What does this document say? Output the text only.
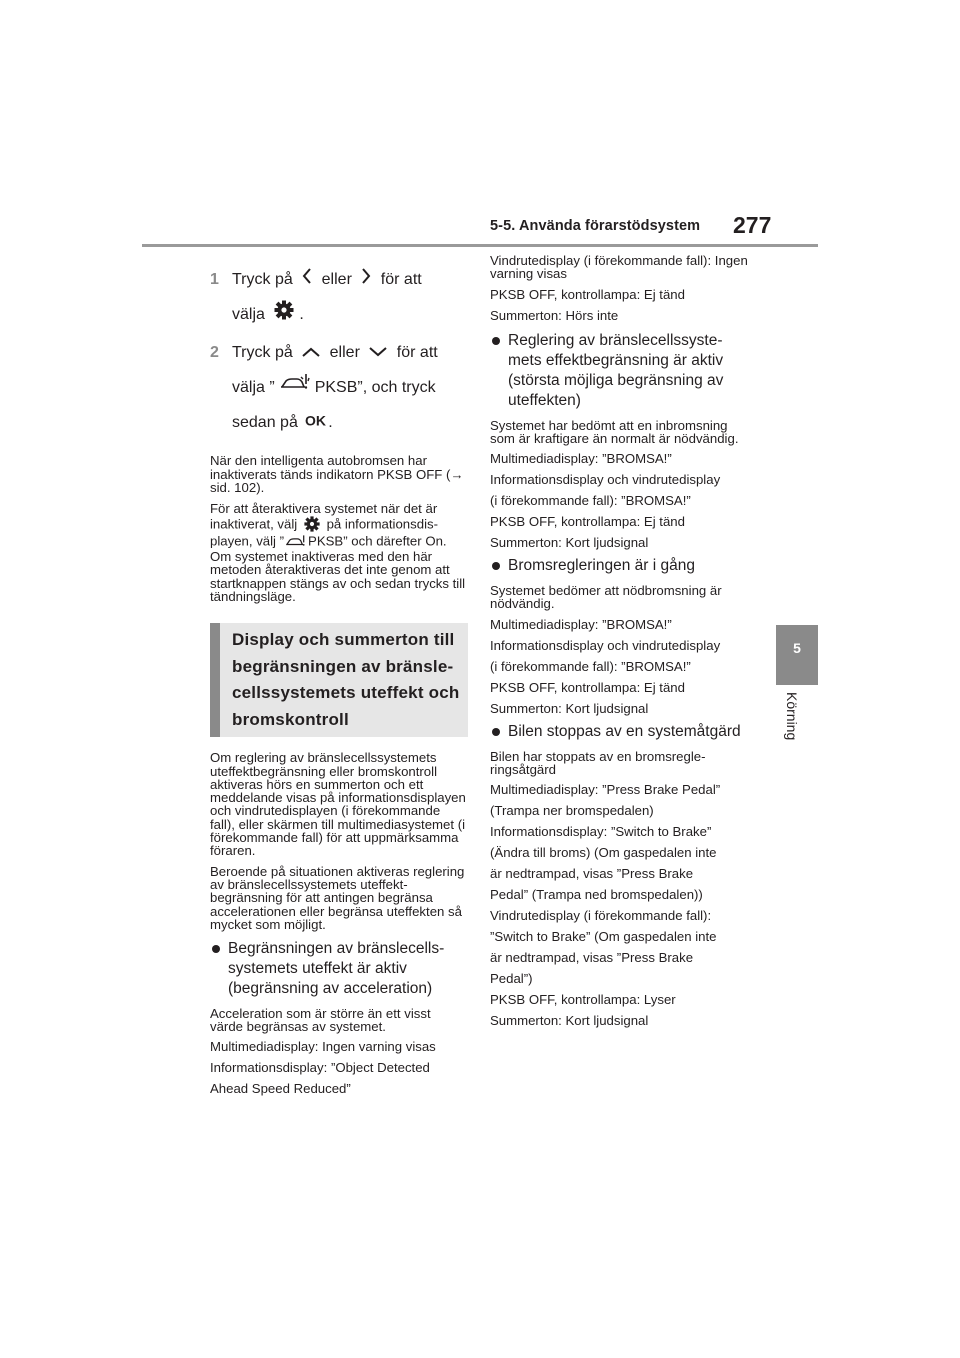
5-5. Använda förarstödsystem 277
5
Körning
1 Tryck på eller för att
välja .
2 Tryck på eller för att
välja ”	PKSB”, och tryck
sedan på OK .

När den intelligenta autobromsen har inaktiverats tänds indikatorn PKSB OFF (→ sid. 102).

För att återaktivera systemet när det är inaktiverat, välj på informationsdisplayen, välj ” PKSB” och därefter On. Om systemet inaktiveras med den här metoden återaktiveras det inte genom att startknappen stängs av och sedan trycks till tändningsläge.

Display och summerton till begränsningen av bränslecellssystemets uteffekt och bromskontroll

Om reglering av bränslecellssystemets uteffektbegränsning eller bromskontroll aktiveras hörs en summerton och ett meddelande visas på informationsdisplayen och vindrutedisplayen (i förekommande fall), eller skärmen till multimediasystemet (i förekommande fall) för att uppmärksamma föraren.

Beroende på situationen aktiveras reglering av bränslecellssystemets uteffektbegränsning för att antingen begränsa accelerationen eller begränsa uteffekten så mycket som möjligt.

Begränsningen av bränslecellssystemets uteffekt är aktiv (begränsning av acceleration)

Acceleration som är större än ett visst värde begränsas av systemet.

Multimediadisplay: Ingen varning visas

Informationsdisplay: ”Object Detected

Ahead Speed Reduced”

Vindrutedisplay (i förekommande fall): Ingen varning visas

PKSB OFF, kontrollampa: Ej tänd

Summerton: Hörs inte

Reglering av bränslecellssystemets effektbegränsning är aktiv (största möjliga begränsning av uteffekten)

Systemet har bedömt att en inbromsning som är kraftigare än normalt är nödvändig.

Multimediadisplay: ”BROMSA!”

Informationsdisplay och vindrutedisplay

(i förekommande fall): ”BROMSA!”

PKSB OFF, kontrollampa: Ej tänd

Summerton: Kort ljudsignal

Bromsregleringen är i gång

Systemet bedömer att nödbromsning är nödvändig.

Multimediadisplay: ”BROMSA!”

Informationsdisplay och vindrutedisplay

(i förekommande fall): ”BROMSA!”

PKSB OFF, kontrollampa: Ej tänd

Summerton: Kort ljudsignal

Bilen stoppas av en systemåtgärd

Bilen har stoppats av en bromsregleringsåtgärd

Multimediadisplay: ”Press Brake Pedal”

(Trampa ner bromspedalen)

Informationsdisplay: ”Switch to Brake”

(Ändra till broms) (Om gaspedalen inte

är nedtrampad, visas ”Press Brake

Pedal” (Trampa ned bromspedalen))

Vindrutedisplay (i förekommande fall):

”Switch to Brake” (Om gaspedalen inte

är nedtrampad, visas ”Press Brake

Pedal”)

PKSB OFF, kontrollampa: Lyser

Summerton: Kort ljudsignal
